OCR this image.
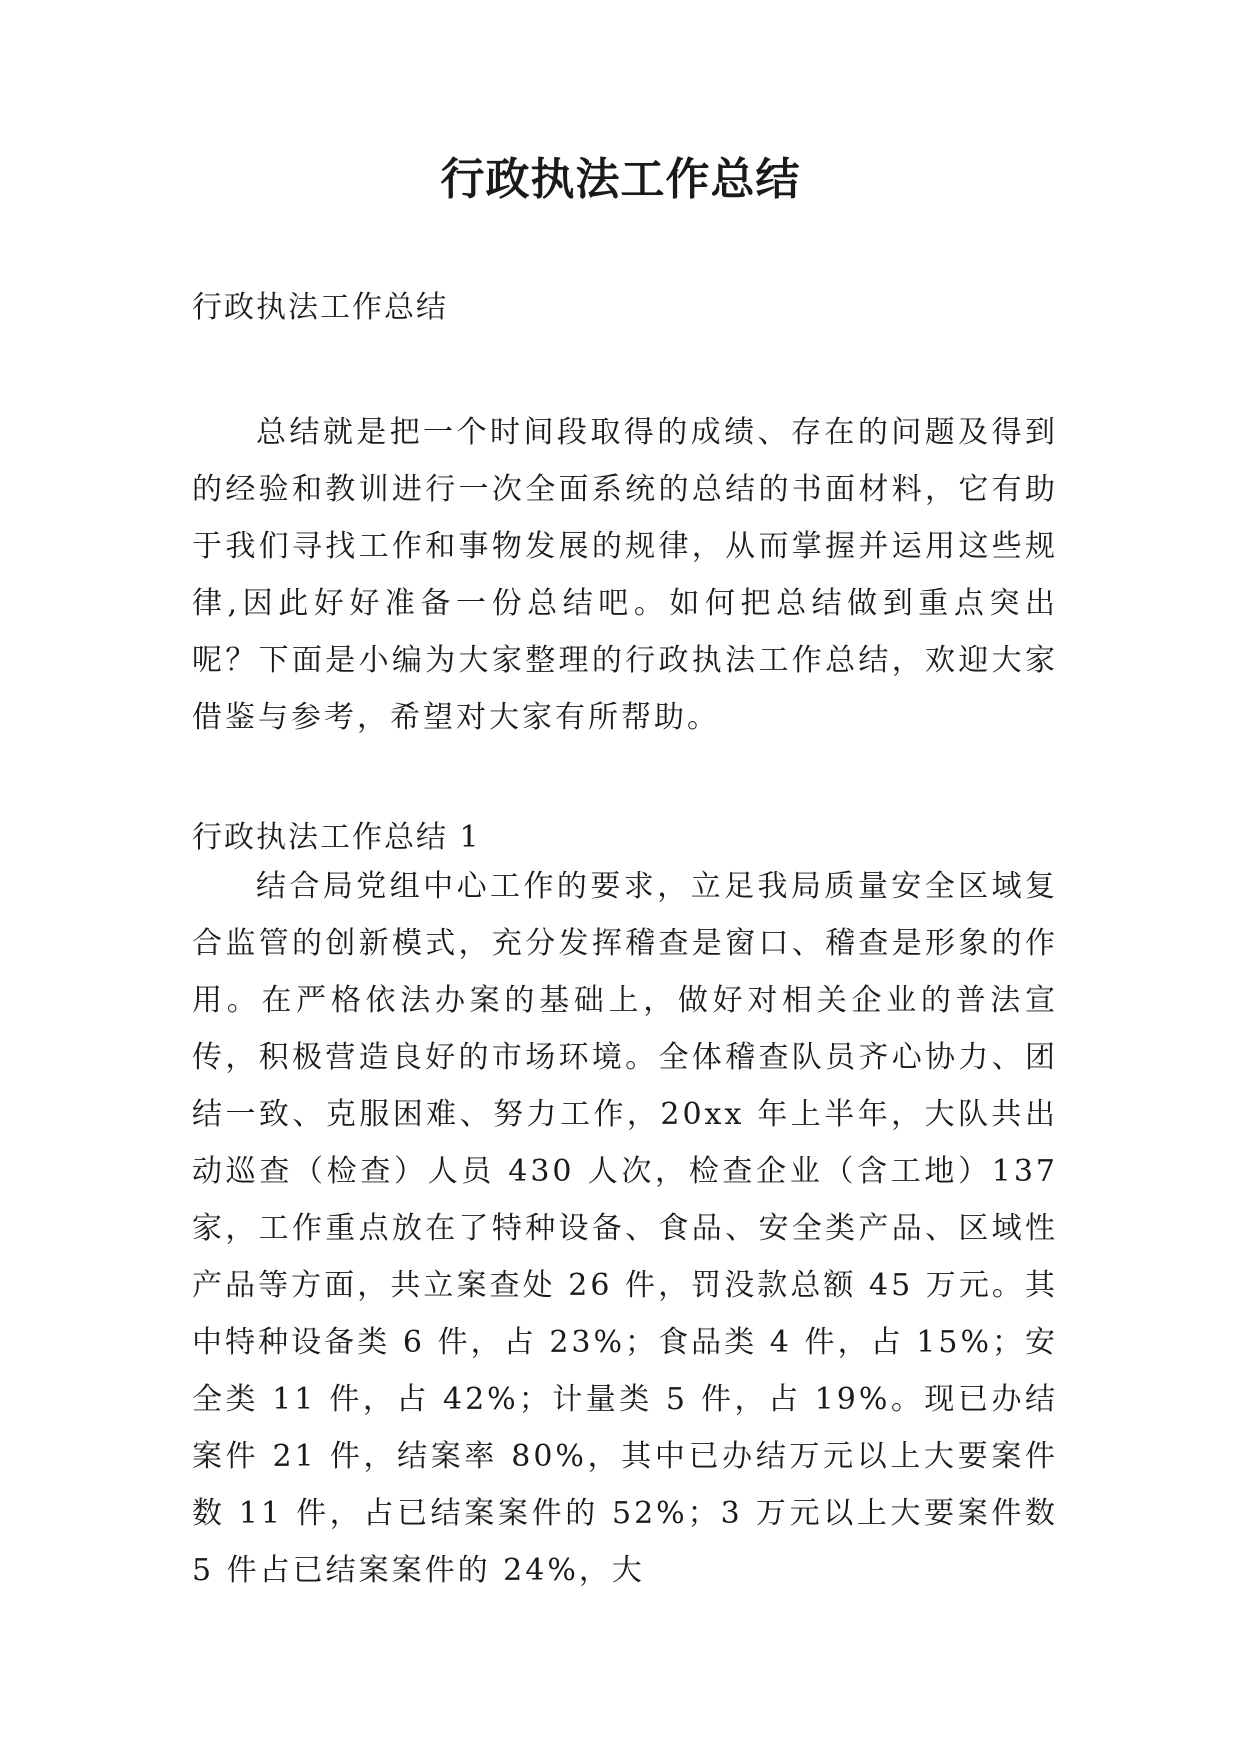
行政执法工作总结

行政执法工作总结

总结就是把一个时间段取得的成绩、存在的问题及得到的经验和教训进行一次全面系统的总结的书面材料，它有助于我们寻找工作和事物发展的规律，从而掌握并运用这些规律,因此好好准备一份总结吧。如何把总结做到重点突出呢？下面是小编为大家整理的行政执法工作总结，欢迎大家借鉴与参考，希望对大家有所帮助。

行政执法工作总结 1

结合局党组中心工作的要求，立足我局质量安全区域复合监管的创新模式，充分发挥稽查是窗口、稽查是形象的作用。在严格依法办案的基础上，做好对相关企业的普法宣传，积极营造良好的市场环境。全体稽查队员齐心协力、团结一致、克服困难、努力工作，20xx 年上半年，大队共出动巡查（检查）人员 430 人次，检查企业（含工地）137 家，工作重点放在了特种设备、食品、安全类产品、区域性产品等方面，共立案查处 26 件，罚没款总额 45 万元。其中特种设备类 6 件，占 23%；食品类 4 件，占 15%；安全类 11 件，占 42%；计量类 5 件，占 19%。现已办结案件 21 件，结案率 80%，其中已办结万元以上大要案件数 11 件，占已结案案件的 52%；3 万元以上大要案件数 5 件占已结案案件的 24%，大
